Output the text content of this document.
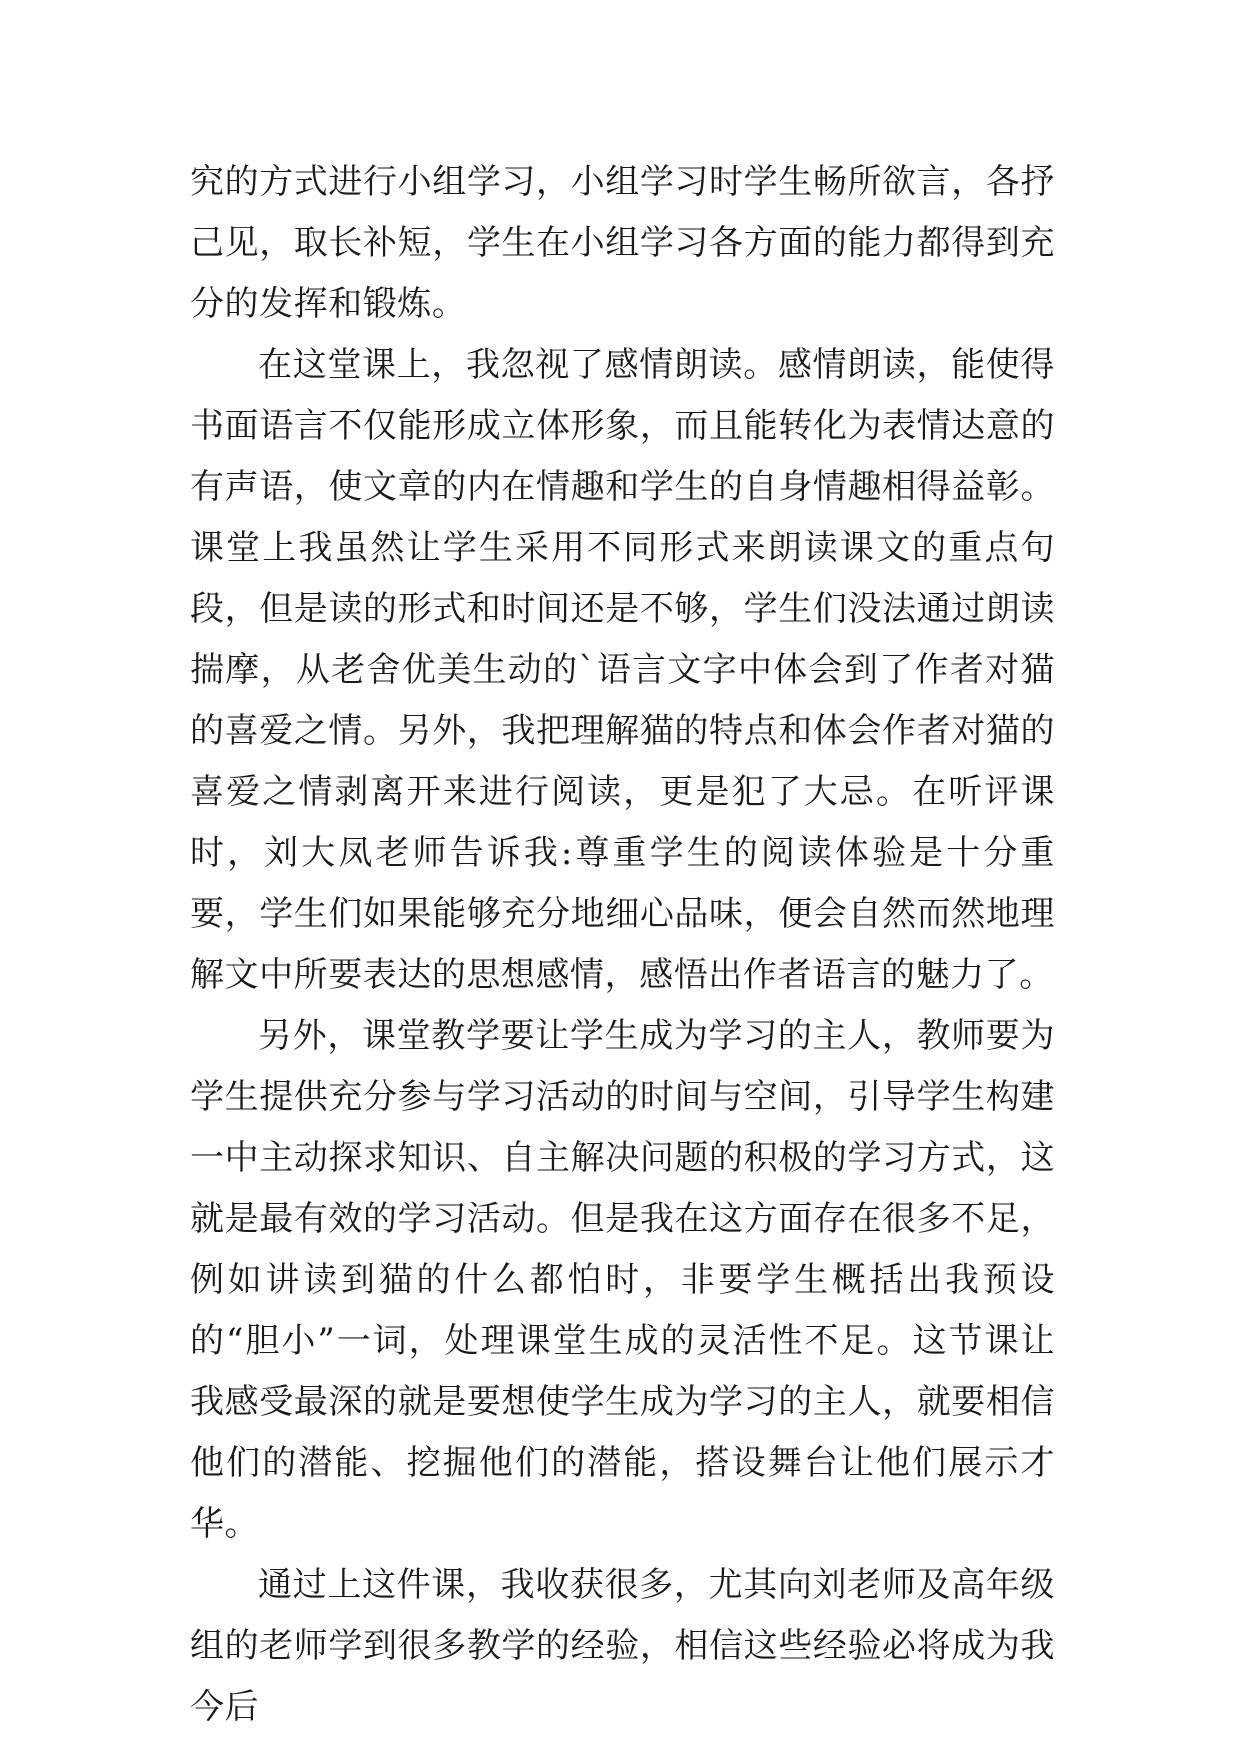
究的方式进行小组学习，小组学习时学生畅所欲言，各抒己见，取长补短，学生在小组学习各方面的能力都得到充分的发挥和锻炼。

在这堂课上，我忽视了感情朗读。感情朗读，能使得书面语言不仅能形成立体形象，而且能转化为表情达意的有声语，使文章的内在情趣和学生的自身情趣相得益彰。课堂上我虽然让学生采用不同形式来朗读课文的重点句段，但是读的形式和时间还是不够，学生们没法通过朗读揣摩，从老舍优美生动的`语言文字中体会到了作者对猫的喜爱之情。另外，我把理解猫的特点和体会作者对猫的喜爱之情剥离开来进行阅读，更是犯了大忌。在听评课时，刘大凤老师告诉我:尊重学生的阅读体验是十分重要，学生们如果能够充分地细心品味，便会自然而然地理解文中所要表达的思想感情，感悟出作者语言的魅力了。

另外，课堂教学要让学生成为学习的主人，教师要为学生提供充分参与学习活动的时间与空间，引导学生构建一中主动探求知识、自主解决问题的积极的学习方式，这就是最有效的学习活动。但是我在这方面存在很多不足，例如讲读到猫的什么都怕时，非要学生概括出我预设的“胆小”一词，处理课堂生成的灵活性不足。这节课让我感受最深的就是要想使学生成为学习的主人，就要相信他们的潜能、挖掘他们的潜能，搭设舞台让他们展示才华。

通过上这件课，我收获很多，尤其向刘老师及高年级组的老师学到很多教学的经验，相信这些经验必将成为我今后
